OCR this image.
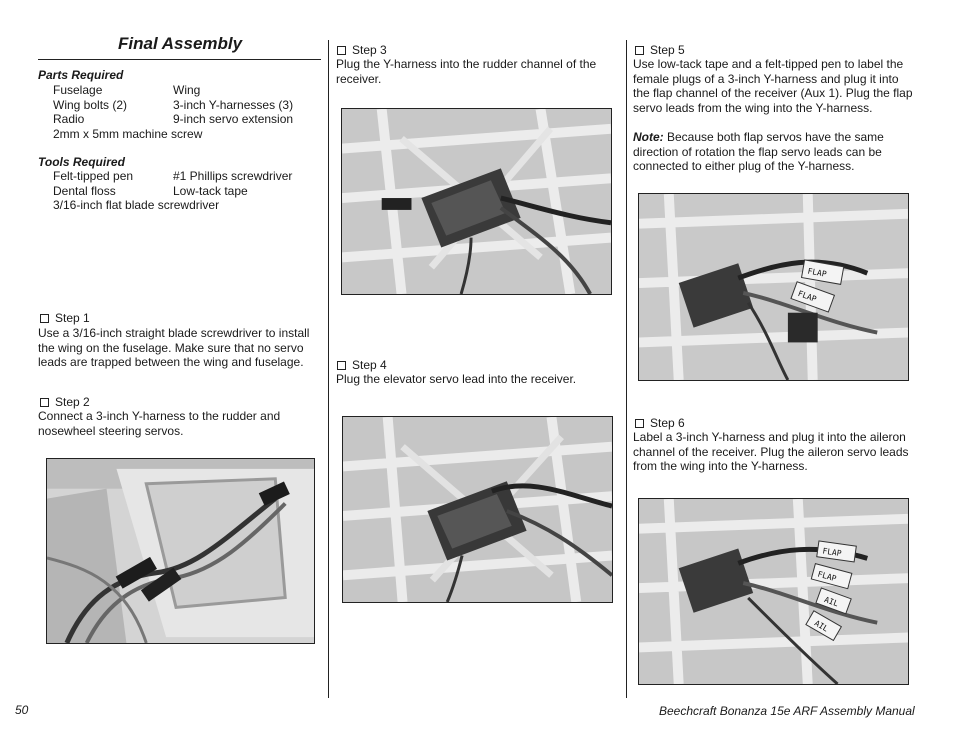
Final Assembly
Parts Required
Fuselage	Wing
Wing bolts (2)	3-inch Y-harnesses (3)
Radio	9-inch servo extension
2mm x 5mm machine screw
Tools Required
Felt-tipped pen	#1 Phillips screwdriver
Dental floss	Low-tack tape
3/16-inch flat blade screwdriver
Step 1
Use a 3/16-inch straight blade screwdriver to install
the wing on the fuselage. Make sure that no servo
leads are trapped between the wing and fuselage.
Step 2
Connect a 3-inch Y-harness to the rudder and
nosewheel steering servos.
Step 3
Plug the Y-harness into the rudder channel of the
receiver.
Step 4
Plug the elevator servo lead into the receiver.
Step 5
Use low-tack tape and a felt-tipped pen to label the
female plugs of a 3-inch Y-harness and plug it into
the flap channel of the receiver (Aux 1). Plug the flap
servo leads from the wing into the Y-harness.
Note: Because both flap servos have the same
direction of rotation the flap servo leads can be
connected to either plug of the Y-harness.
FLAP
FLAP
Step 6
Label a 3-inch Y-harness and plug it into the aileron
channel of the receiver. Plug the aileron servo leads
from the wing into the Y-harness.
FLAP
FLAP
AIL
AIL
50	Beechcraft Bonanza 15e ARF Assembly Manual
